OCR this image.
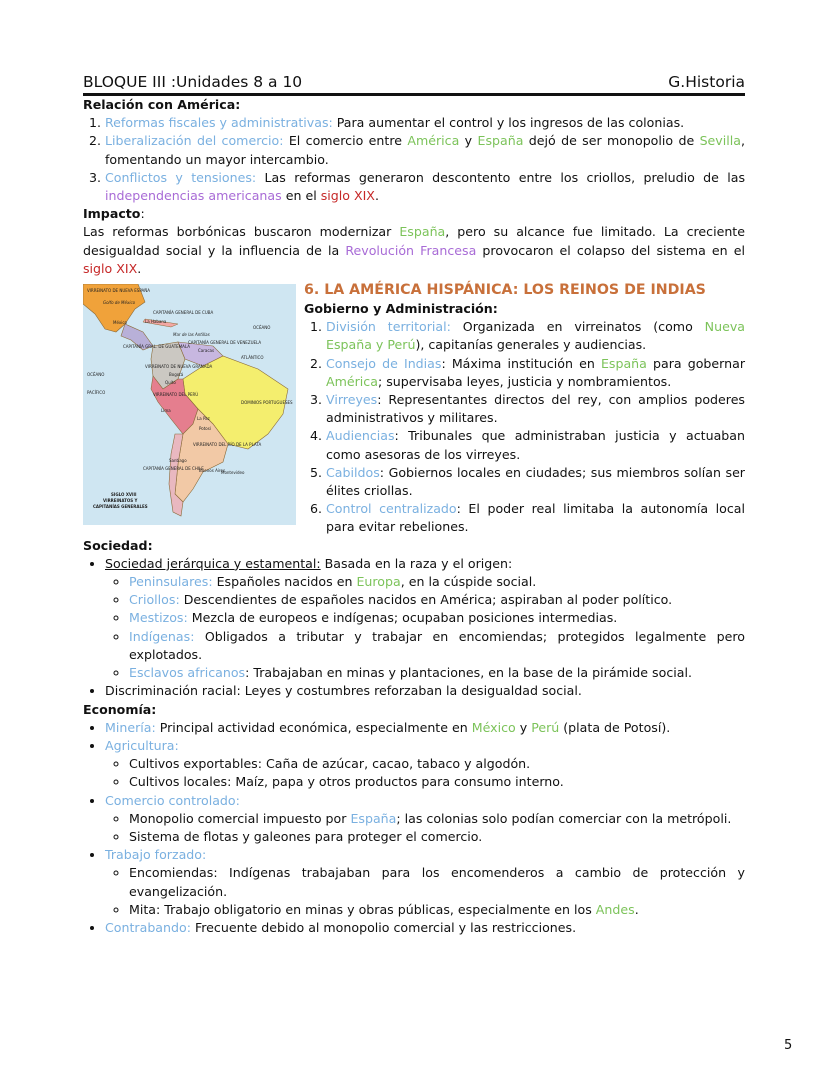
BLOQUE III :Unidades 8 a 10	G.Historia
Relación con América:
1. Reformas fiscales y administrativas: Para aumentar el control y los ingresos de las colonias.
2. Liberalización del comercio: El comercio entre América y España dejó de ser monopolio de Sevilla, fomentando un mayor intercambio.
3. Conflictos y tensiones: Las reformas generaron descontento entre los criollos, preludio de las independencias americanas en el siglo XIX.
Impacto:

Las reformas borbónicas buscaron modernizar España, pero su alcance fue limitado. La creciente desigualdad social y la influencia de la Revolución Francesa provocaron el colapso del sistema en el siglo XIX.

VIRREINATO DE NUEVA ESPAÑA
Golfo de México
CAPITANÍA GENERAL DE CUBA
La Habana
México
Mar de las Antillas
OCÉANO
CAPITANÍA GRAL. DE GUATEMALA
CAPITANÍA GENERAL DE VENEZUELA
Caracas
ATLÁNTICO
VIRREINATO DE NUEVA GRANADA
Bogotá
OCÉANO
PACÍFICO	VIRREINATO DEL PERÚ
Quito
Lima
DOMINIOS PORTUGUESES
La Paz
Potosí
VIRREINATO DEL RÍO DE LA PLATA
Santiago
CAPITANÍA GENERAL DE CHILE
Buenos Aires
Montevideo
SIGLO XVIII
VIRREINATOS Y
CAPITANÍAS GENERALES
6. LA AMÉRICA HISPÁNICA: LOS REINOS DE INDIAS
Gobierno y Administración:
1. División territorial: Organizada en virreinatos (como Nueva España y Perú), capitanías generales y audiencias.
2. Consejo de Indias: Máxima institución en España para gobernar América; supervisaba leyes, justicia y nombramientos.
3. Virreyes: Representantes directos del rey, con amplios poderes administrativos y militares.
4. Audiencias: Tribunales que administraban justicia y actuaban como asesoras de los virreyes.
5. Cabildos: Gobiernos locales en ciudades; sus miembros solían ser élites criollas.
6. Control centralizado: El poder real limitaba la autonomía local para evitar rebeliones.
Sociedad:
• Sociedad jerárquica y estamental: Basada en la raza y el origen:
◦ Peninsulares: Españoles nacidos en Europa, en la cúspide social.
◦ Criollos: Descendientes de españoles nacidos en América; aspiraban al poder político.
◦ Mestizos: Mezcla de europeos e indígenas; ocupaban posiciones intermedias.
◦ Indígenas: Obligados a tributar y trabajar en encomiendas; protegidos legalmente pero explotados.
◦ Esclavos africanos: Trabajaban en minas y plantaciones, en la base de la pirámide social.
• Discriminación racial: Leyes y costumbres reforzaban la desigualdad social.
Economía:
• Minería: Principal actividad económica, especialmente en México y Perú (plata de Potosí).
• Agricultura:
◦ Cultivos exportables: Caña de azúcar, cacao, tabaco y algodón.
◦ Cultivos locales: Maíz, papa y otros productos para consumo interno.
• Comercio controlado:
◦ Monopolio comercial impuesto por España; las colonias solo podían comerciar con la metrópoli.
◦ Sistema de flotas y galeones para proteger el comercio.
• Trabajo forzado:
◦ Encomiendas: Indígenas trabajaban para los encomenderos a cambio de protección y evangelización.
◦ Mita: Trabajo obligatorio en minas y obras públicas, especialmente en los Andes.
• Contrabando: Frecuente debido al monopolio comercial y las restricciones.
5
